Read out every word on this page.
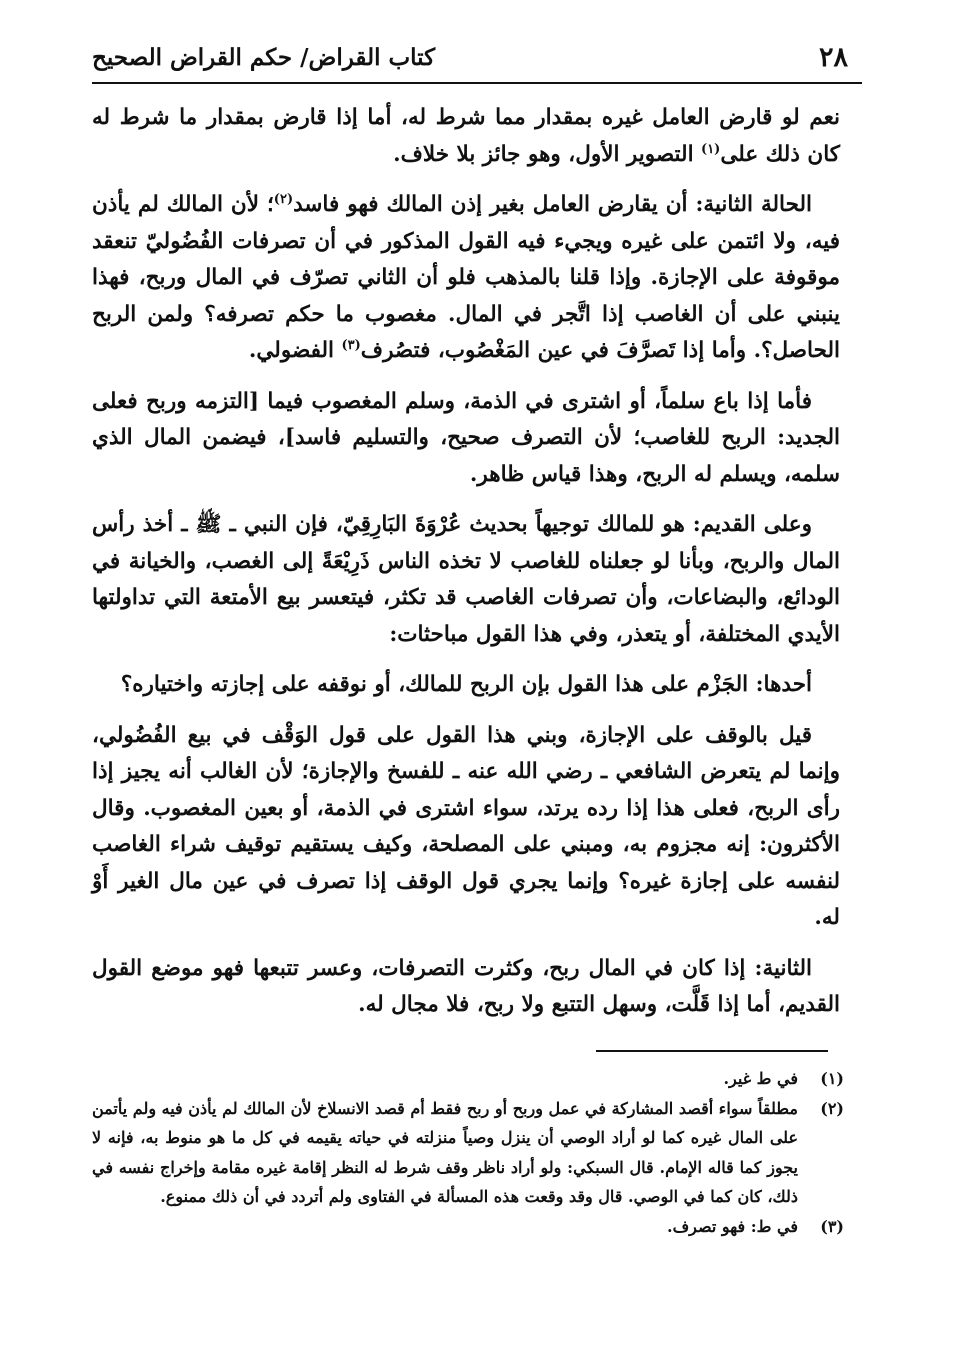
٢٨
كتاب القراض/ حكم القراض الصحيح

نعم لو قارض العامل غيره بمقدار مما شرط له، أما إذا قارض بمقدار ما شرط له كان ذلك على$^{(١)}$ التصوير الأول، وهو جائز بلا خلاف.

الحالة الثانية: أن يقارض العامل بغير إذن المالك فهو فاسد$^{(٢)}$؛ لأن المالك لم يأذن فيه، ولا ائتمن على غيره ويجيء فيه القول المذكور في أن تصرفات الفُضُوليّ تنعقد موقوفة على الإجازة. وإذا قلنا بالمذهب فلو أن الثاني تصرّف في المال وربح، فهذا ينبني على أن الغاصب إذا اتَّجر في المال. مغصوب ما حكم تصرفه؟ ولمن الربح الحاصل؟. وأما إذا تَصرَّفَ في عين المَغْصُوب، فتصُرف$^{(٣)}$ الفضولي.

فأما إذا باع سلماً، أو اشترى في الذمة، وسلم المغصوب فيما [التزمه وربح فعلى الجديد: الربح للغاصب؛ لأن التصرف صحيح، والتسليم فاسد]، فيضمن المال الذي سلمه، ويسلم له الربح، وهذا قياس ظاهر.

وعلى القديم: هو للمالك توجيهاً بحديث عُرْوَةَ البَارِقِيّ، فإن النبي ـ ﷺ ـ أخذ رأس المال والربح، وبأنا لو جعلناه للغاصب لا تخذه الناس ذَرِيْعَةً إلى الغصب، والخيانة في الودائع، والبضاعات، وأن تصرفات الغاصب قد تكثر، فيتعسر بيع الأمتعة التي تداولتها الأيدي المختلفة، أو يتعذر، وفي هذا القول مباحثات:

أحدها: الجَزْم على هذا القول بإن الربح للمالك، أو نوقفه على إجازته واختياره؟

قيل بالوقف على الإجازة، وبني هذا القول على قول الوَقْف في بيع الفُضُولي، وإنما لم يتعرض الشافعي ـ رضي الله عنه ـ للفسخ والإجازة؛ لأن الغالب أنه يجيز إذا رأى الربح، فعلى هذا إذا رده يرتد، سواء اشترى في الذمة، أو بعين المغصوب. وقال الأكثرون: إنه مجزوم به، ومبني على المصلحة، وكيف يستقيم توقيف شراء الغاصب لنفسه على إجازة غيره؟ وإنما يجري قول الوقف إذا تصرف في عين مال الغير أَوْ له.

الثانية: إذا كان في المال ربح، وكثرت التصرفات، وعسر تتبعها فهو موضع القول القديم، أما إذا قَلَّت، وسهل التتبع ولا ربح، فلا مجال له.

(١)
في ط غير.
(٢)
مطلقاً سواء أقصد المشاركة في عمل وربح أو ربح فقط أم قصد الانسلاخ لأن المالك لم يأذن فيه ولم يأتمن على المال غيره كما لو أراد الوصي أن ينزل وصياً منزلته في حياته يقيمه في كل ما هو منوط به، فإنه لا يجوز كما قاله الإمام. قال السبكي: ولو أراد ناظر وقف شرط له النظر إقامة غيره مقامة وإخراج نفسه في ذلك، كان كما في الوصي. قال وقد وقعت هذه المسألة في الفتاوى ولم أتردد في أن ذلك ممنوع.
(٣)
في ط: فهو تصرف.
